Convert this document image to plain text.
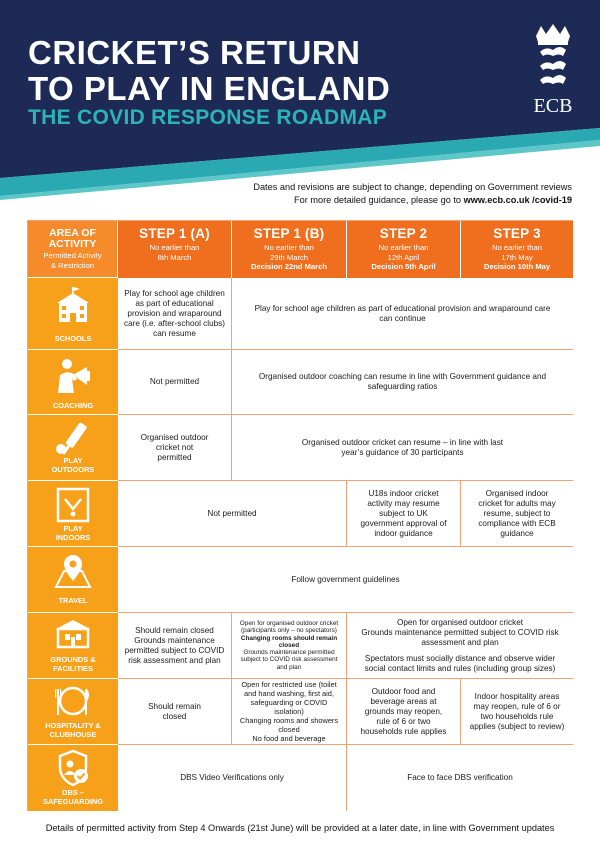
CRICKET’S RETURN
TO PLAY IN ENGLAND
THE COVID RESPONSE ROADMAP	ECB
Dates and revisions are subject to change, depending on Government reviews
For more detailed guidance, please go to www.ecb.co.uk /covid-19
AREA OF
ACTIVITY
Permitted Activity
& Restriction
STEP 1 (A)
No earlier than
8th March
STEP 1 (B)
No earlier than
29th March
Decision 22nd March
STEP 2
No earlier than
12th April
Decision 5th April
STEP 3
No earlier than
17th May
Decision 10th May
SCHOOLS
Play for school age children as part of educational provision and wraparound care (i.e. after-school clubs) can resume
Play for school age children as part of educational provision and wraparound care can continue
COACHING
Not permitted
Organised outdoor coaching can resume in line with Government guidance and safeguarding ratios
PLAY
OUTDOORS
Organised outdoor cricket not permitted
Organised outdoor cricket can resume – in line with last year’s guidance of 30 participants
PLAY
INDOORS
Not permitted
U18s indoor cricket activity may resume subject to UK government approval of indoor guidance
Organised indoor cricket for adults may resume, subject to compliance with ECB guidance
TRAVEL
Follow government guidelines
GROUNDS &
FACILITIES
Should remain closed
Grounds maintenance permitted subject to COVID risk assessment and plan
Open for organised outdoor cricket (participants only – no spectators)
Changing rooms should remain closed
Grounds maintenance permitted subject to COVID risk assessment and plan
Open for organised outdoor cricket
Grounds maintenance permitted subject to COVID risk assessment and plan
Spectators must socially distance and observe wider social contact limits and rules (including group sizes)
HOSPITALITY &
CLUBHOUSE
Should remain closed
Open for restricted use (toilet and hand washing, first aid, safeguarding or COVID isolation)
Changing rooms and showers closed
No food and beverage
Outdoor food and beverage areas at grounds may reopen, rule of 6 or two households rule applies
Indoor hospitality areas may reopen, rule of 6 or two households rule applies (subject to review)
DBS –
SAFEGUARDING
DBS Video Verifications only	Face to face DBS verification
Details of permitted activity from Step 4 Onwards (21st June) will be provided at a later date, in line with Government updates
